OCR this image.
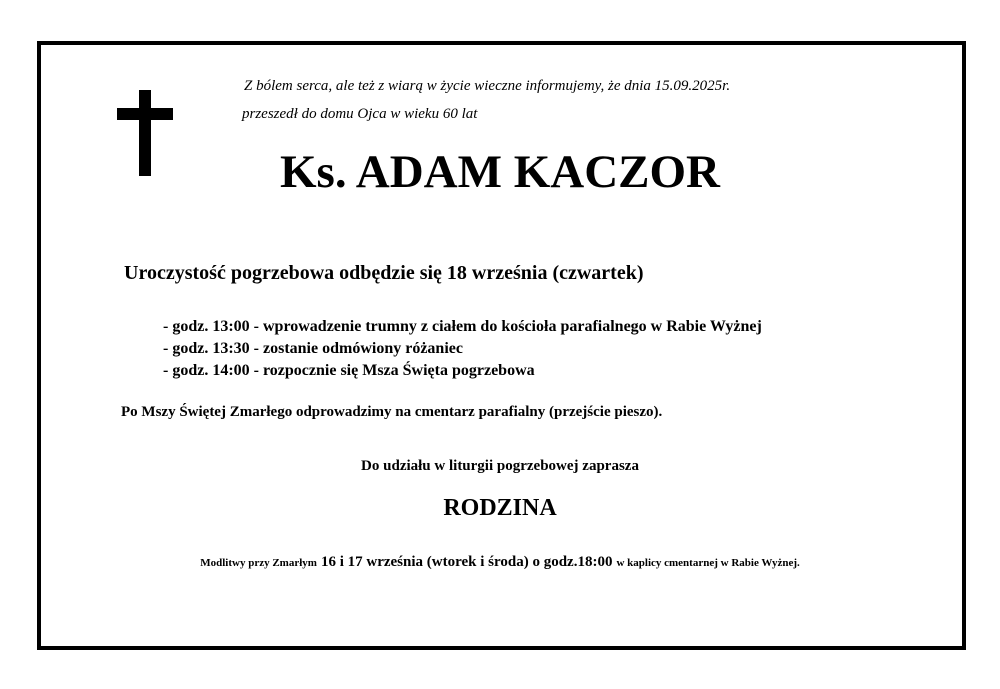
Z bólem serca, ale też z wiarą w życie wieczne informujemy, że dnia 15.09.2025r.
przeszedł do domu Ojca w wieku 60 lat
Ks. ADAM KACZOR
Uroczystość pogrzebowa odbędzie się 18 września (czwartek)
- godz. 13:00 - wprowadzenie trumny z ciałem do kościoła parafialnego w Rabie Wyżnej
- godz. 13:30 - zostanie odmówiony różaniec
- godz. 14:00 - rozpocznie się Msza Święta pogrzebowa
Po Mszy Świętej Zmarłego odprowadzimy na cmentarz parafialny (przejście pieszo).
Do udziału w liturgii pogrzebowej zaprasza
RODZINA
Modlitwy przy Zmarłym 16 i 17 września (wtorek i środa) o godz.18:00 w kaplicy cmentarnej w Rabie Wyżnej.
